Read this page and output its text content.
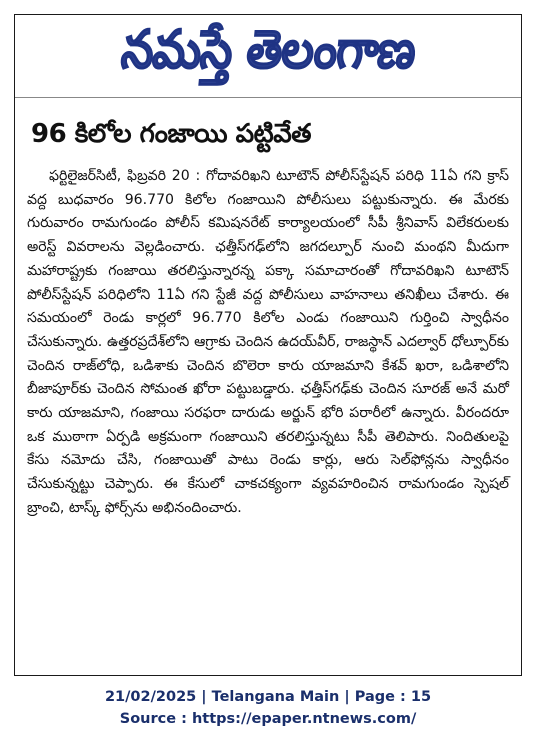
నమస్తే తెలంగాణ
96 కిలోల గంజాయి పట్టివేత

ఫర్టిలైజర్‌సిటీ, ఫిబ్రవరి 20 : గోదావరిఖని టూటౌన్ పోలీస్‌స్టేషన్ పరిధి 11ఏ గని క్రాస్ వద్ద బుధవారం 96.770 కిలోల గంజాయిని పోలీసులు పట్టుకున్నారు. ఈ మేరకు గురువారం రామగుండం పోలీస్ కమిషనరేట్ కార్యాలయంలో సీపీ శ్రీనివాస్ విలేకరులకు అరెస్ట్ వివరాలను వెల్లడించారు. ఛత్తీస్‌గఢ్‌లోని జగదల్పూర్ నుంచి మంథని మీదుగా మహారాష్ట్రకు గంజాయి తరలిస్తున్నారన్న పక్కా సమాచారంతో గోదావరిఖని టూటౌన్ పోలీస్‌స్టేషన్ పరిధిలోని 11ఏ గని స్టేజీ వద్ద పోలీసులు వాహనాలు తనిఖీలు చేశారు. ఈ సమయంలో రెండు కార్లలో 96.770 కిలోల ఎండు గంజాయిని గుర్తించి స్వాధీనం చేసుకున్నారు. ఉత్తరప్రదేశ్‌లోని ఆగ్రాకు చెందిన ఉదయ్‌వీర్, రాజస్థాన్ ఎదల్వార్ ధోల్పూర్‌కు చెందిన రాజ్‌లోధి, ఒడిశాకు చెందిన బొలెరా కారు యాజమాని కేశవ్ ఖరా, ఒడిశాలోని బీజాపూర్‌కు చెందిన సోమంత ఖోరా పట్టుబడ్డారు. ఛత్తీస్‌గఢ్‌కు చెందిన సూరజ్ అనే మరో కారు యాజమాని, గంజాయి సరఫరా దారుడు అర్జున్ భోరి పరారీలో ఉన్నారు. వీరందరూ ఒక ముఠాగా ఏర్పడి అక్రమంగా గంజాయిని తరలిస్తున్నటు సీపీ తెలిపారు. నిందితులపై కేసు నమోదు చేసి, గంజాయితో పాటు రెండు కార్లు, ఆరు సెల్‌ఫోన్లను స్వాధీనం చేసుకున్నట్టు చెప్పారు. ఈ కేసులో చాకచక్యంగా వ్యవహరించిన రామగుండం స్పెషల్ బ్రాంచి, టాస్క్ ఫోర్స్‌ను అభినందించారు.

21/02/2025 | Telangana Main | Page : 15
Source : https://epaper.ntnews.com/
